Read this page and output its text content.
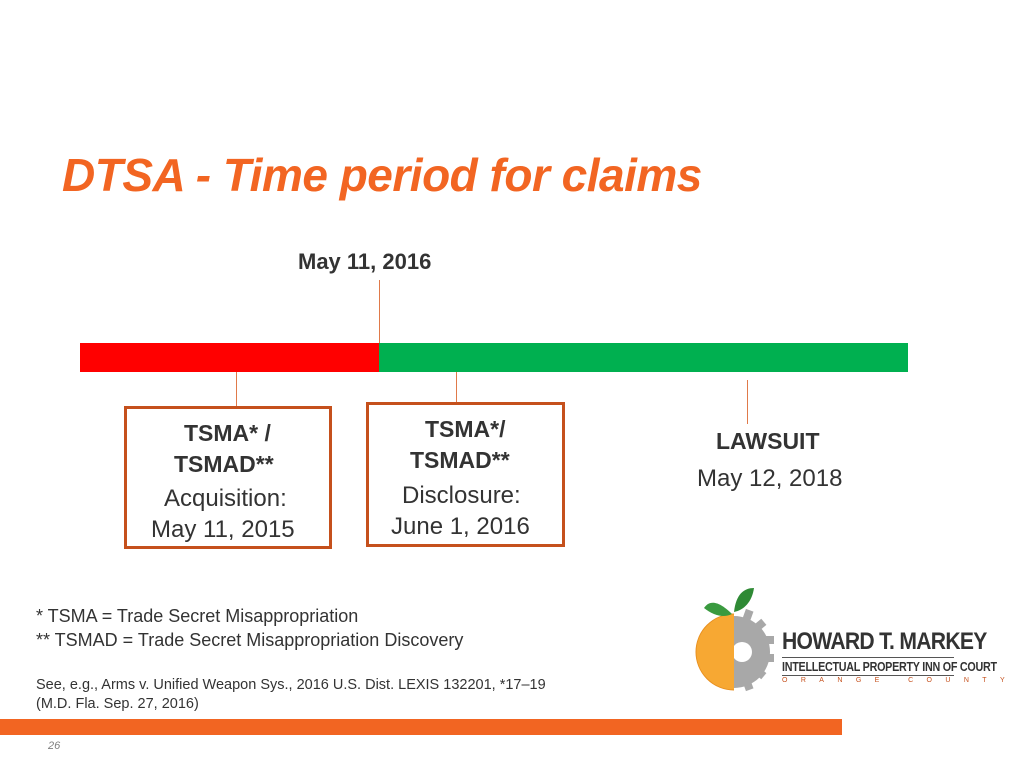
DTSA - Time period for claims
May 11, 2016
TSMA* /
TSMAD**
Acquisition:
May 11, 2015
TSMA*/
TSMAD**
Disclosure:
June 1, 2016
LAWSUIT
May 12, 2018
* TSMA = Trade Secret Misappropriation
** TSMAD = Trade Secret Misappropriation Discovery
See, e.g., Arms v. Unified Weapon Sys., 2016 U.S. Dist. LEXIS 132201, *17–19
(M.D. Fla. Sep. 27, 2016)
HOWARD T. MARKEY
INTELLECTUAL PROPERTY INN OF COURT
ORANGE COUNTY
26
